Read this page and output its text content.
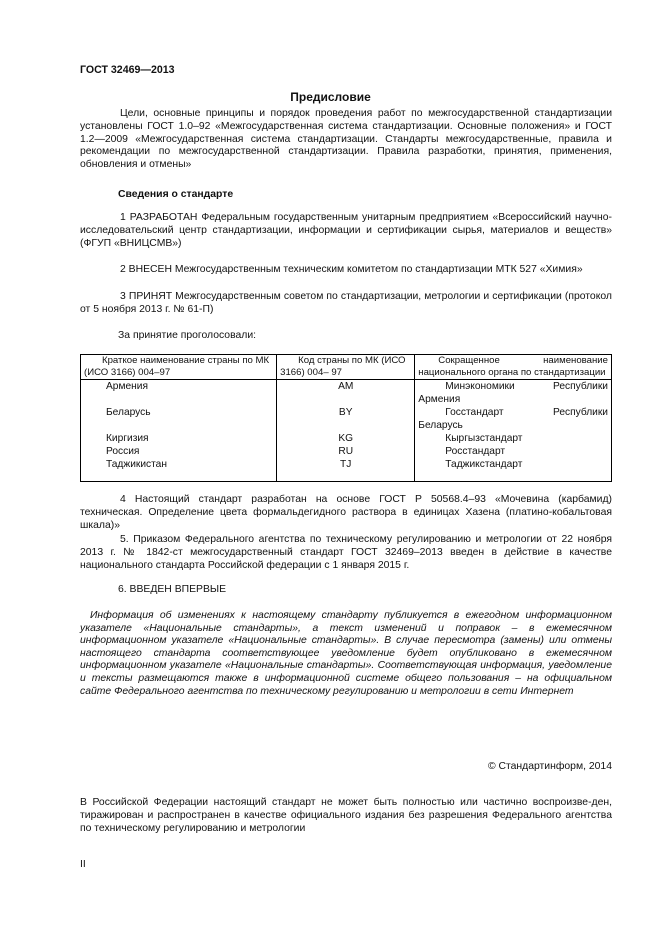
ГОСТ 32469—2013
Предисловие
Цели, основные принципы и порядок проведения работ по межгосударственной стандартизации установлены ГОСТ 1.0–92 «Межгосударственная система стандартизации. Основные положения» и ГОСТ 1.2—2009 «Межгосударственная система стандартизации. Стандарты межгосударственные, правила и рекомендации по межгосударственной стандартизации. Правила разработки, принятия, применения, обновления и отмены»
Сведения о стандарте
1 РАЗРАБОТАН Федеральным государственным унитарным предприятием «Всероссийский научно-исследовательский центр стандартизации, информации и сертификации сырья, материалов и веществ» (ФГУП «ВНИЦСМВ»)
2 ВНЕСЕН Межгосударственным техническим комитетом по стандартизации МТК 527 «Химия»
3 ПРИНЯТ Межгосударственным советом по стандартизации, метрологии и сертификации (протокол от 5 ноября 2013 г. № 61-П)
За принятие проголосовали:
Краткое наименование страны по МК (ИСО 3166) 004–97	Код страны по МК (ИСО 3166) 004– 97	Сокращенное наименование национального органа по стандартизации
Армения	AM	Минэкономики Республики
Армения

Беларусь	BY	Госстандарт Республики
Беларусь

Киргизия	KG	Кыргызстандарт

Россия	RU	Росстандарт

Таджикистан	TJ	Таджикстандарт
4 Настоящий стандарт разработан на основе ГОСТ Р 50568.4–93 «Мочевина (карбамид) техническая. Определение цвета формальдегидного раствора в единицах Хазена (платино-кобальтовая шкала)»
5. Приказом Федерального агентства по техническому регулированию и метрологии от 22 ноября 2013 г. № 1842-ст межгосударственный стандарт ГОСТ 32469–2013 введен в действие в качестве национального стандарта Российской федерации с 1 января 2015 г.
6. ВВЕДЕН ВПЕРВЫЕ
Информация об изменениях к настоящему стандарту публикуется в ежегодном информационном указателе «Национальные стандарты», а текст изменений и поправок – в ежемесячном информационном указателе «Национальные стандарты». В случае пересмотра (замены) или отмены настоящего стандарта соответствующее уведомление будет опубликовано в ежемесячном информационном указателе «Национальные стандарты». Соответствующая информация, уведомление и тексты размещаются также в информационной системе общего пользования – на официальном сайте Федерального агентства по техническому регулированию и метрологии в сети Интернет
© Стандартинформ, 2014
В Российской Федерации настоящий стандарт не может быть полностью или частично воспроизве-ден, тиражирован и распространен в качестве официального издания без разрешения Федерального агентства по техническому регулированию и метрологии
II
